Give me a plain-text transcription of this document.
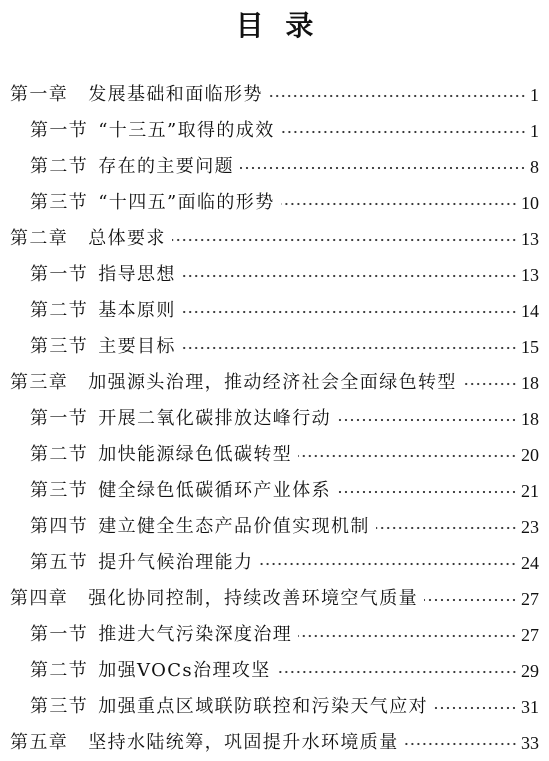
目 录
第一章 发展基础和面临形势	1
第一节 “十三五”取得的成效	1
第二节 存在的主要问题	8
第三节 “十四五”面临的形势	10
第二章 总体要求	13
第一节 指导思想	13
第二节 基本原则	14
第三节 主要目标	15
第三章 加强源头治理，推动经济社会全面绿色转型	18
第一节 开展二氧化碳排放达峰行动	18
第二节 加快能源绿色低碳转型	20
第三节 健全绿色低碳循环产业体系	21
第四节 建立健全生态产品价值实现机制	23
第五节 提升气候治理能力	24
第四章 强化协同控制，持续改善环境空气质量	27
第一节 推进大气污染深度治理	27
第二节 加强VOCs治理攻坚	29
第三节 加强重点区域联防联控和污染天气应对	31
第五章 坚持水陆统筹，巩固提升水环境质量	33
